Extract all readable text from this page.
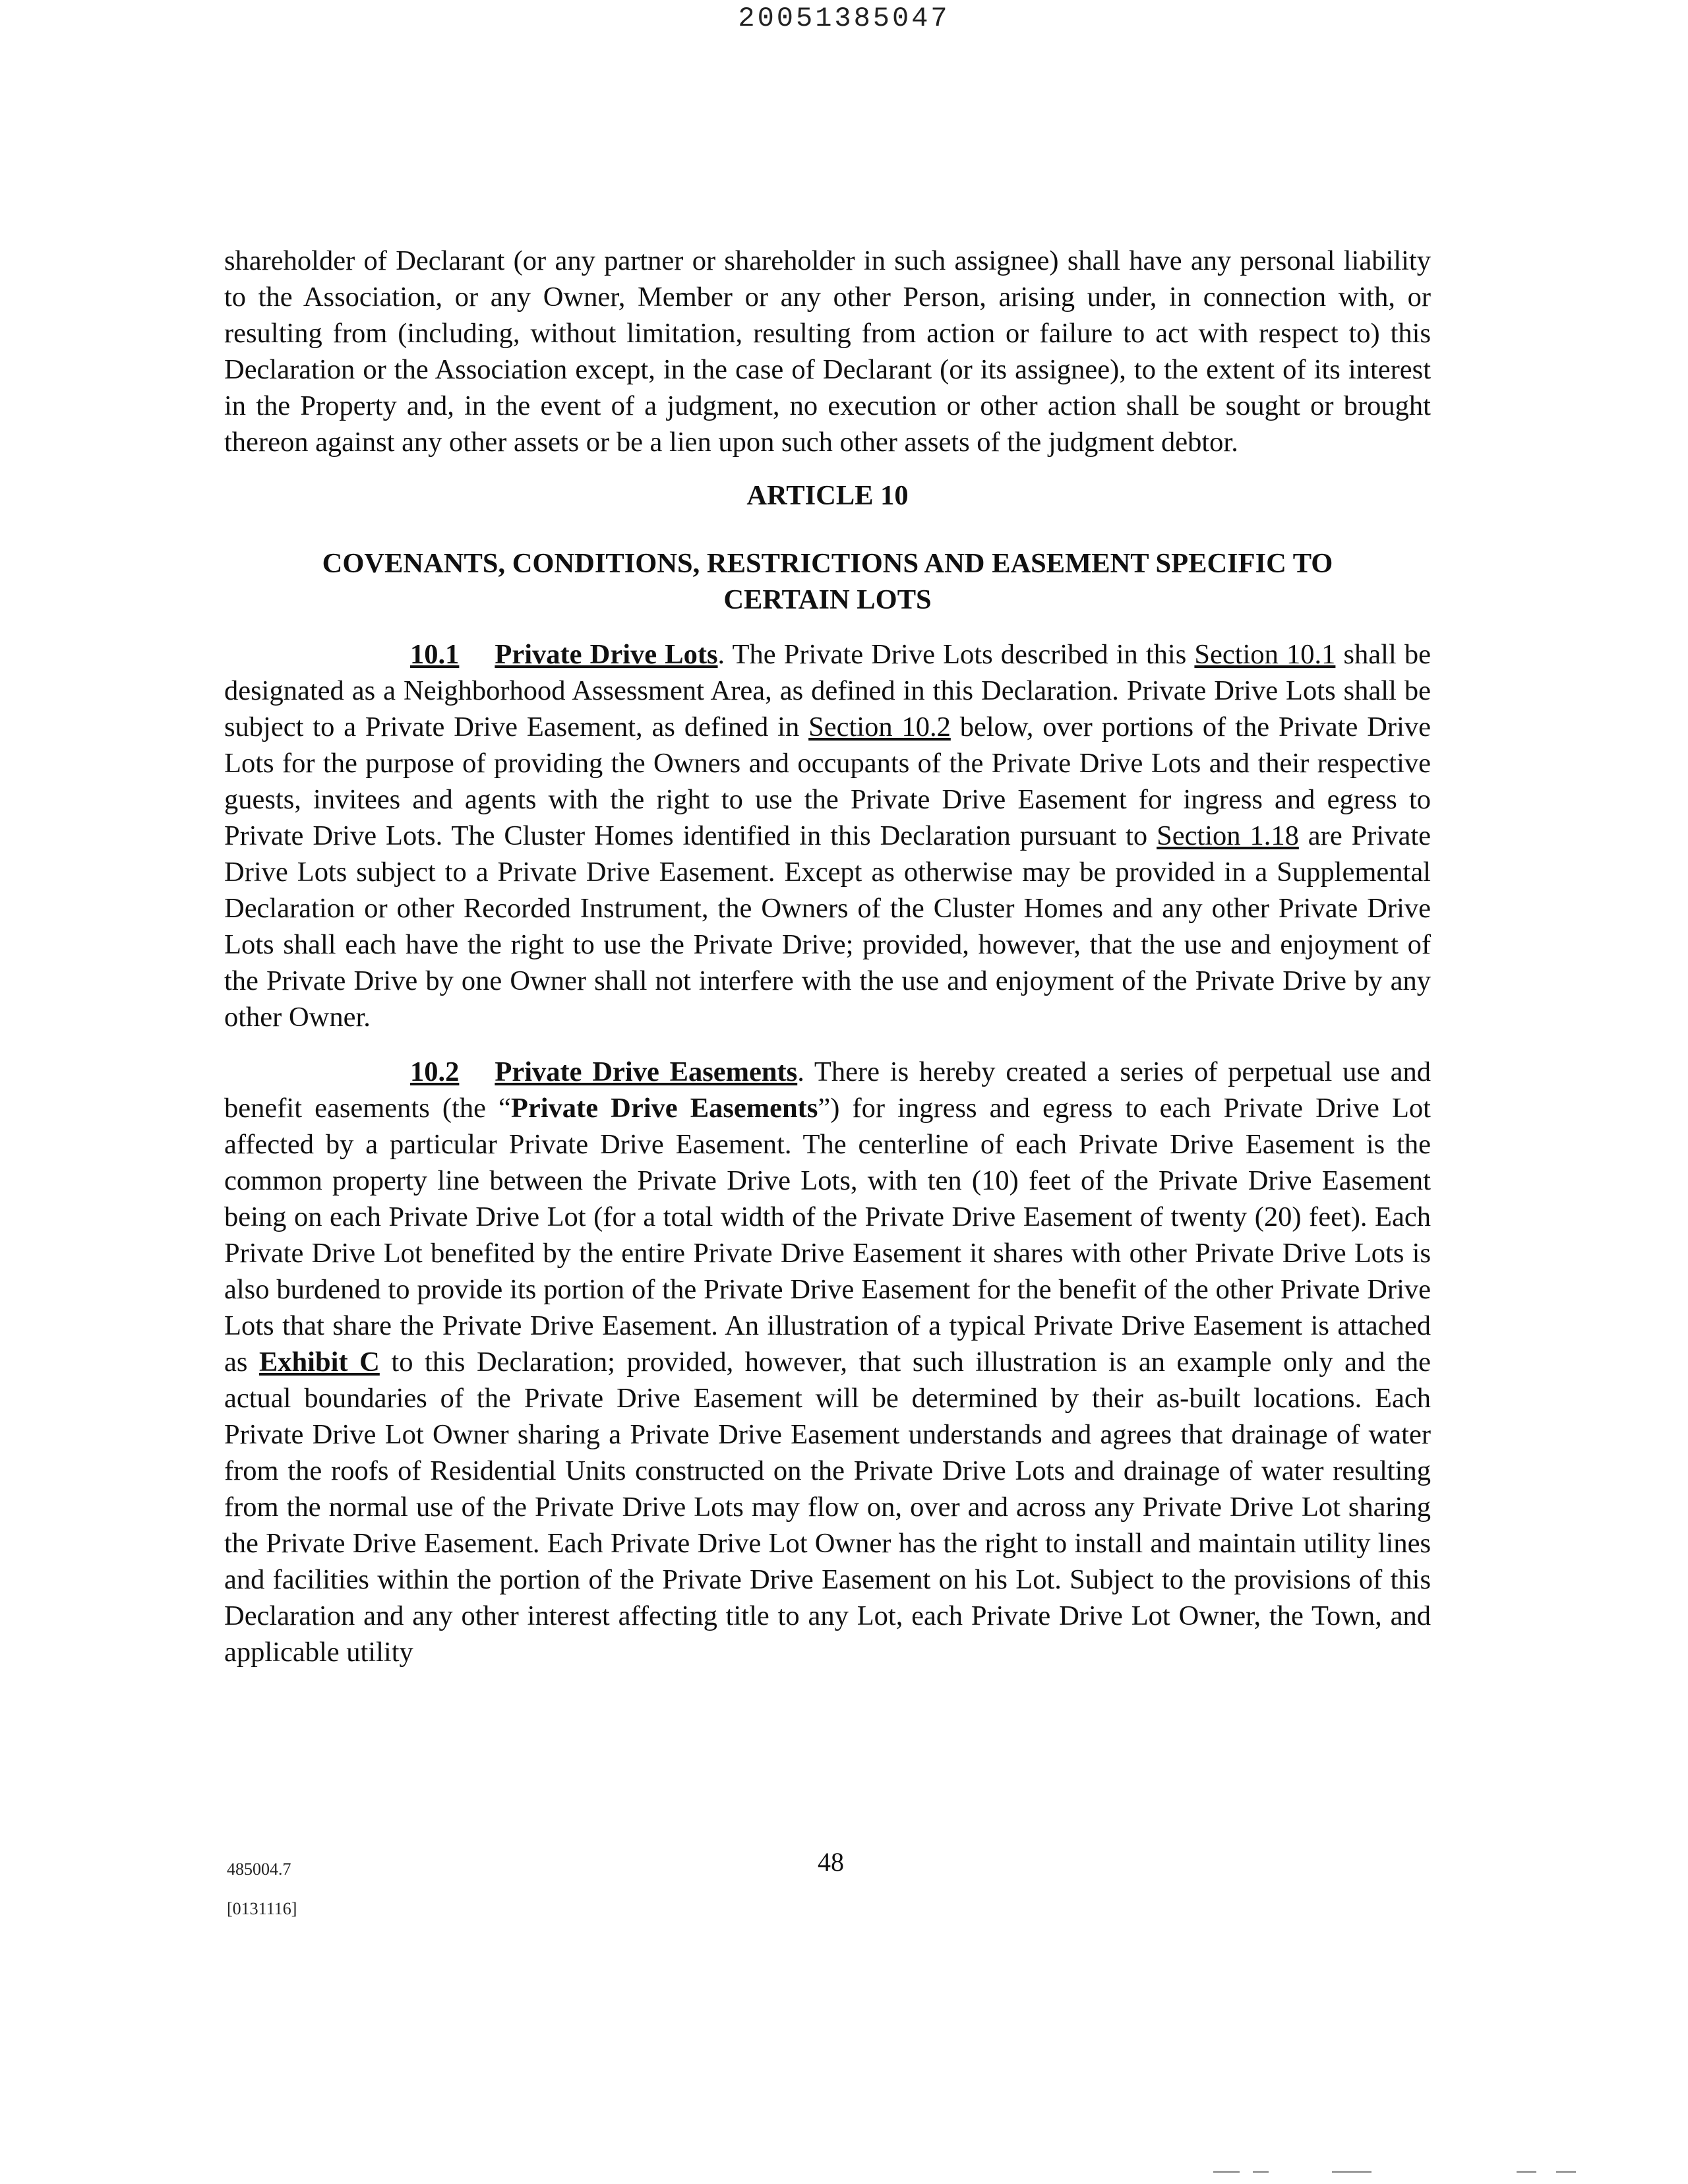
20051385047

shareholder of Declarant (or any partner or shareholder in such assignee) shall have any personal liability to the Association, or any Owner, Member or any other Person, arising under, in connection with, or resulting from (including, without limitation, resulting from action or failure to act with respect to) this Declaration or the Association except, in the case of Declarant (or its assignee), to the extent of its interest in the Property and, in the event of a judgment, no execution or other action shall be sought or brought thereon against any other assets or be a lien upon such other assets of the judgment debtor.

ARTICLE 10

COVENANTS, CONDITIONS, RESTRICTIONS AND EASEMENT SPECIFIC TO

CERTAIN LOTS

10.1 Private Drive Lots. The Private Drive Lots described in this Section 10.1 shall be designated as a Neighborhood Assessment Area, as defined in this Declaration. Private Drive Lots shall be subject to a Private Drive Easement, as defined in Section 10.2 below, over portions of the Private Drive Lots for the purpose of providing the Owners and occupants of the Private Drive Lots and their respective guests, invitees and agents with the right to use the Private Drive Easement for ingress and egress to Private Drive Lots. The Cluster Homes identified in this Declaration pursuant to Section 1.18 are Private Drive Lots subject to a Private Drive Easement. Except as otherwise may be provided in a Supplemental Declaration or other Recorded Instrument, the Owners of the Cluster Homes and any other Private Drive Lots shall each have the right to use the Private Drive; provided, however, that the use and enjoyment of the Private Drive by one Owner shall not interfere with the use and enjoyment of the Private Drive by any other Owner.

10.2 Private Drive Easements. There is hereby created a series of perpetual use and benefit easements (the “Private Drive Easements”) for ingress and egress to each Private Drive Lot affected by a particular Private Drive Easement. The centerline of each Private Drive Easement is the common property line between the Private Drive Lots, with ten (10) feet of the Private Drive Easement being on each Private Drive Lot (for a total width of the Private Drive Easement of twenty (20) feet). Each Private Drive Lot benefited by the entire Private Drive Easement it shares with other Private Drive Lots is also burdened to provide its portion of the Private Drive Easement for the benefit of the other Private Drive Lots that share the Private Drive Easement. An illustration of a typical Private Drive Easement is attached as Exhibit C to this Declaration; provided, however, that such illustration is an example only and the actual boundaries of the Private Drive Easement will be determined by their as-built locations. Each Private Drive Lot Owner sharing a Private Drive Easement understands and agrees that drainage of water from the roofs of Residential Units constructed on the Private Drive Lots and drainage of water resulting from the normal use of the Private Drive Lots may flow on, over and across any Private Drive Lot sharing the Private Drive Easement. Each Private Drive Lot Owner has the right to install and maintain utility lines and facilities within the portion of the Private Drive Easement on his Lot. Subject to the provisions of this Declaration and any other interest affecting title to any Lot, each Private Drive Lot Owner, the Town, and applicable utility

485004.7	48
[0131116]
